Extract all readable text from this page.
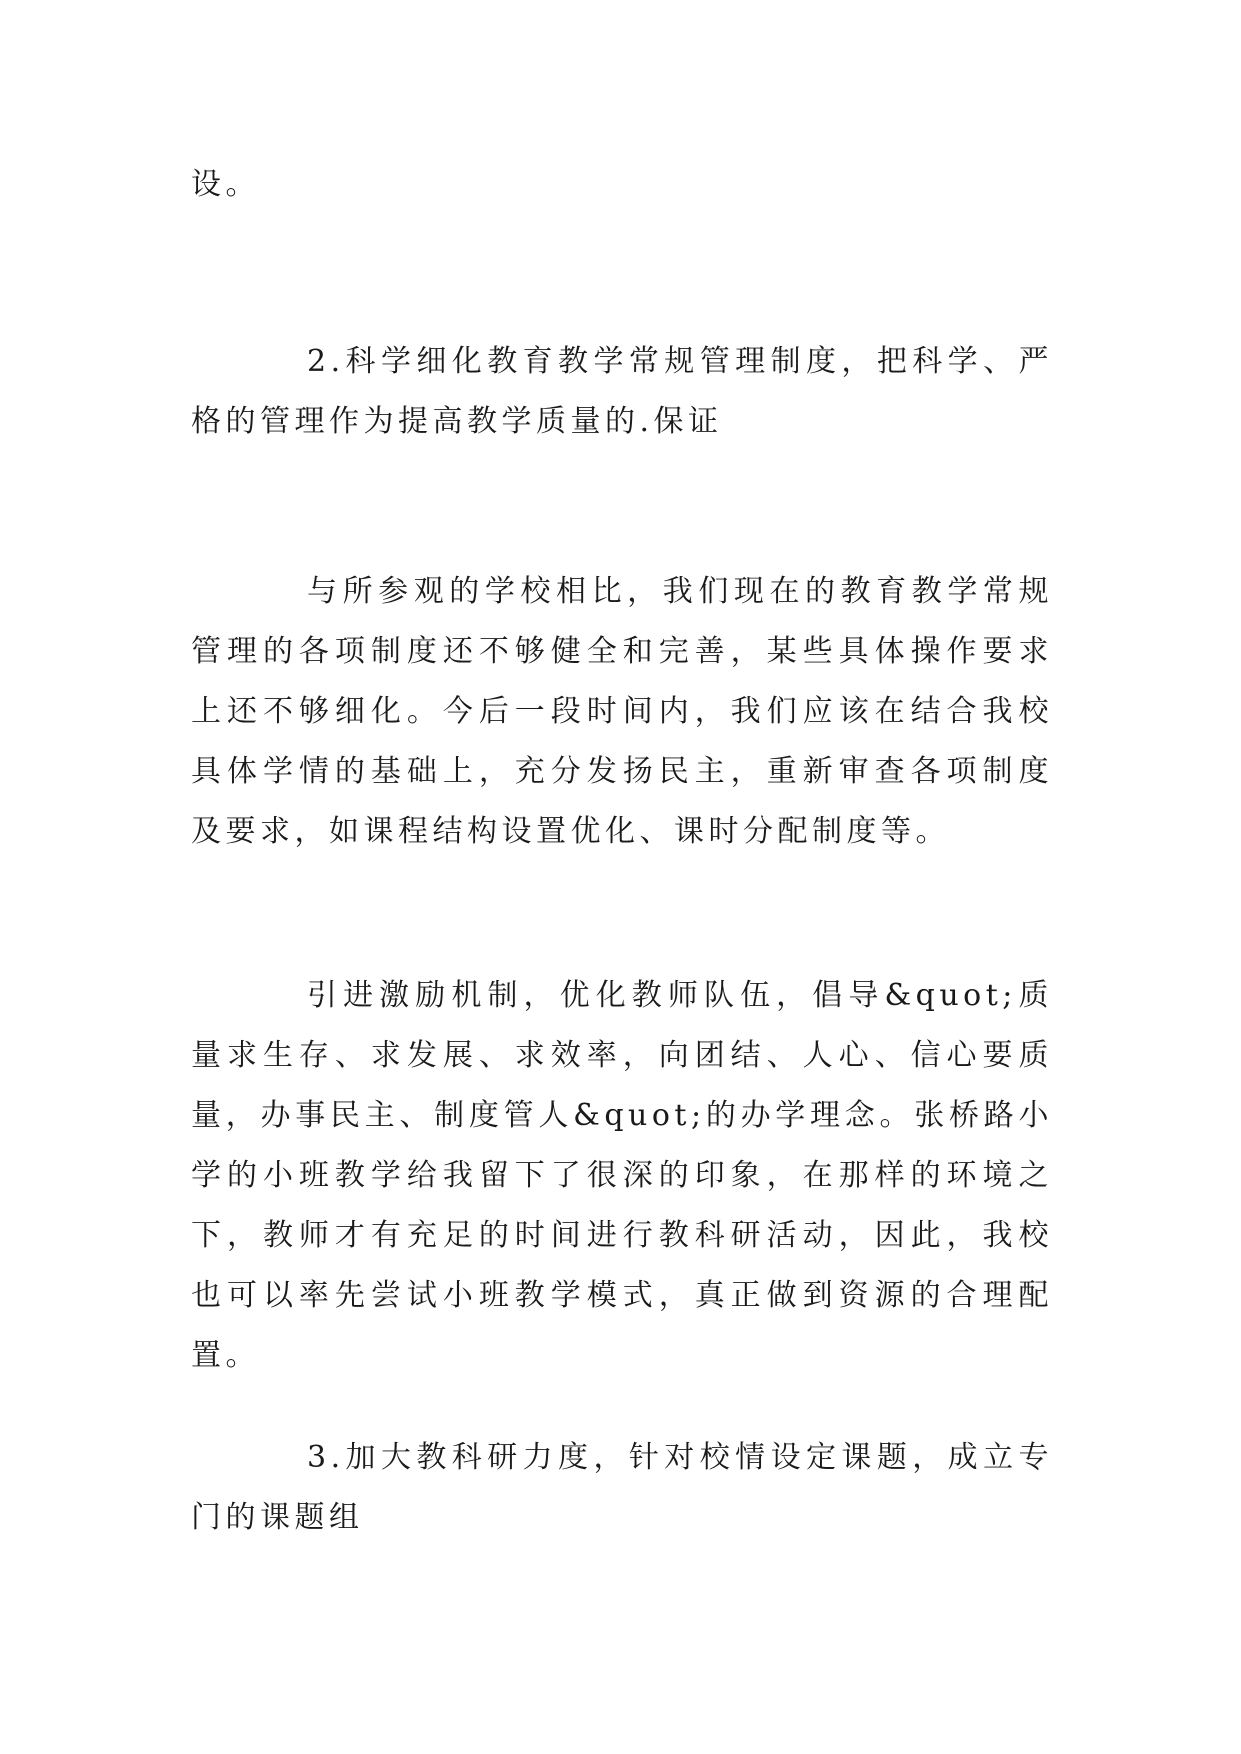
设。

2.科学细化教育教学常规管理制度，把科学、严格的管理作为提高教学质量的.保证

与所参观的学校相比，我们现在的教育教学常规管理的各项制度还不够健全和完善，某些具体操作要求上还不够细化。今后一段时间内，我们应该在结合我校具体学情的基础上，充分发扬民主，重新审查各项制度及要求，如课程结构设置优化、课时分配制度等。

引进激励机制，优化教师队伍，倡导&quot;质量求生存、求发展、求效率，向团结、人心、信心要质量，办事民主、制度管人&quot;的办学理念。张桥路小学的小班教学给我留下了很深的印象，在那样的环境之下，教师才有充足的时间进行教科研活动，因此，我校也可以率先尝试小班教学模式，真正做到资源的合理配置。

3.加大教科研力度，针对校情设定课题，成立专门的课题组
